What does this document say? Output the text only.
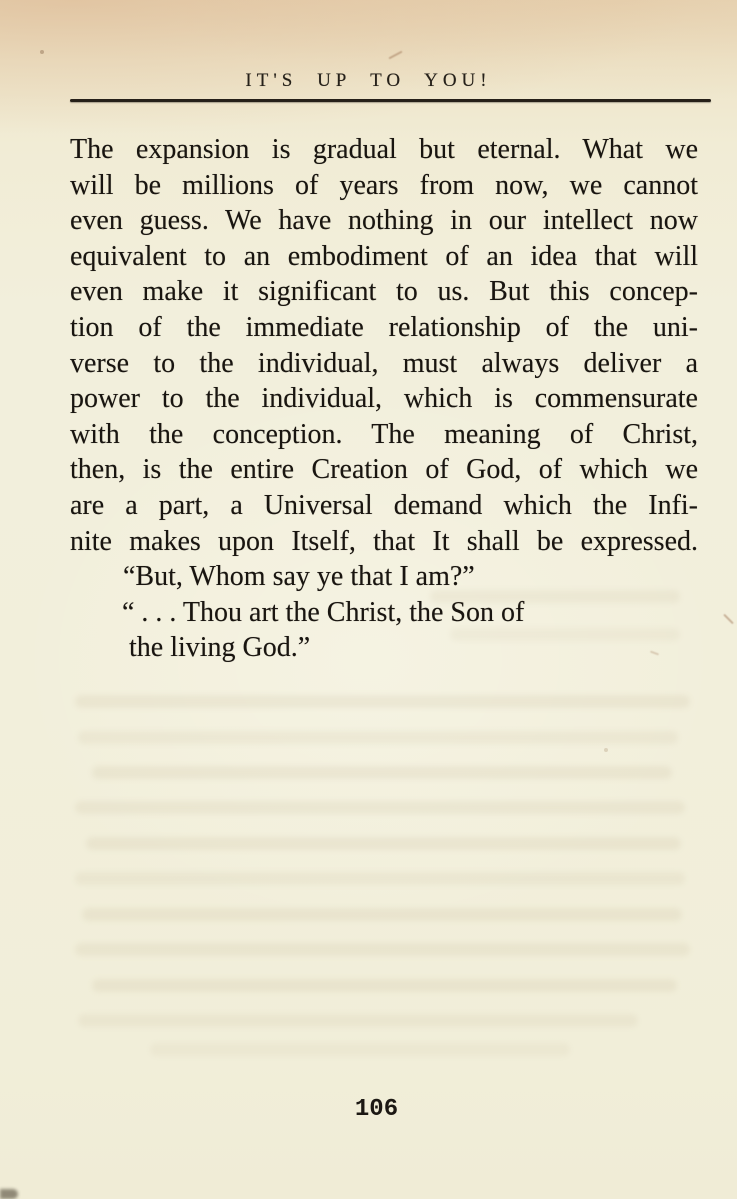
IT'S UP TO YOU!
The expansion is gradual but eternal. What we
will be millions of years from now, we cannot
even guess. We have nothing in our intellect now
equivalent to an embodiment of an idea that will
even make it significant to us. But this concep-
tion of the immediate relationship of the uni-
verse to the individual, must always deliver a
power to the individual, which is commensurate
with the conception. The meaning of Christ,
then, is the entire Creation of God, of which we
are a part, a Universal demand which the Infi-
nite makes upon Itself, that It shall be expressed.
“But, Whom say ye that I am?”
“ . . . Thou art the Christ, the Son of
the living God.”
106
